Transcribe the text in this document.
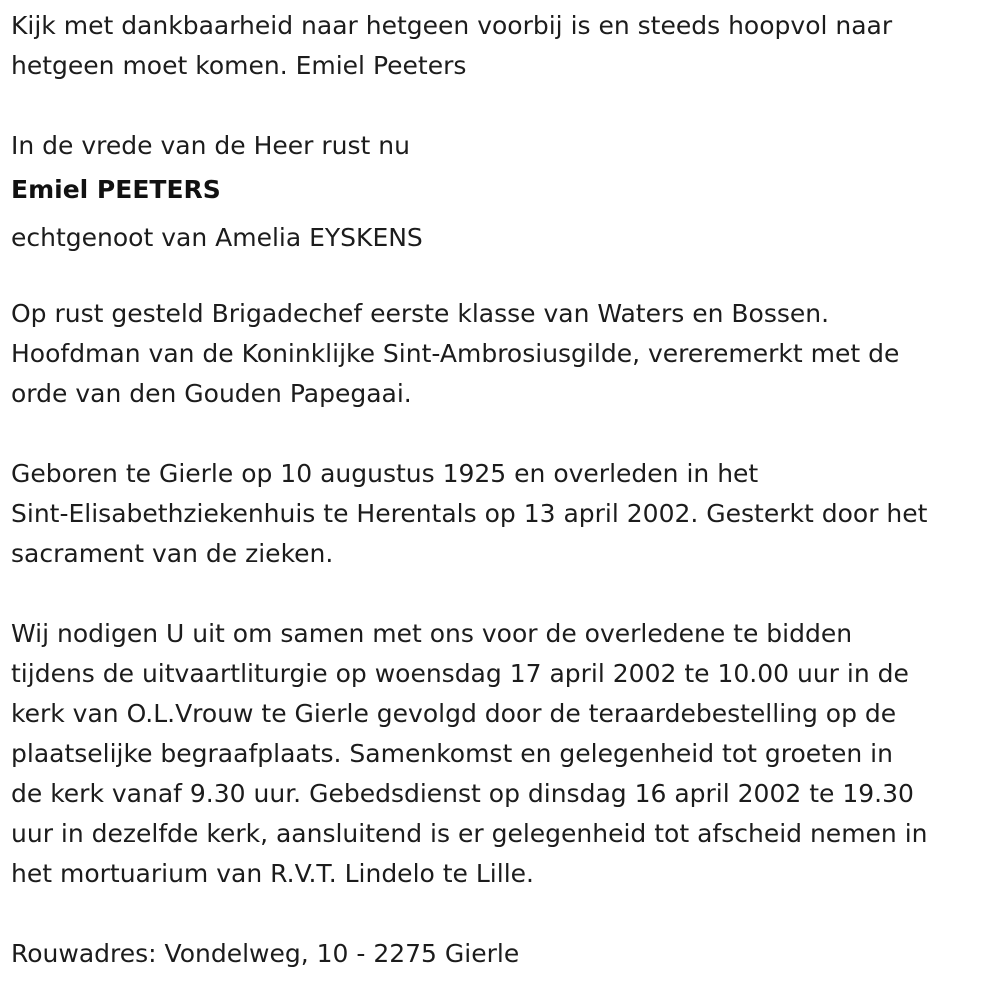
Kijk met dankbaarheid naar hetgeen voorbij is en steeds hoopvol naar

hetgeen moet komen. Emiel Peeters

In de vrede van de Heer rust nu

Emiel PEETERS

echtgenoot van Amelia EYSKENS

Op rust gesteld Brigadechef eerste klasse van Waters en Bossen.

Hoofdman van de Koninklijke Sint-Ambrosiusgilde, vereremerkt met de

orde van den Gouden Papegaai.

Geboren te Gierle op 10 augustus 1925 en overleden in het

Sint-Elisabethziekenhuis te Herentals op 13 april 2002. Gesterkt door het

sacrament van de zieken.

Wij nodigen U uit om samen met ons voor de overledene te bidden

tijdens de uitvaartliturgie op woensdag 17 april 2002 te 10.00 uur in de

kerk van O.L.Vrouw te Gierle gevolgd door de teraardebestelling op de

plaatselijke begraafplaats. Samenkomst en gelegenheid tot groeten in

de kerk vanaf 9.30 uur. Gebedsdienst op dinsdag 16 april 2002 te 19.30

uur in dezelfde kerk, aansluitend is er gelegenheid tot afscheid nemen in

het mortuarium van R.V.T. Lindelo te Lille.

Rouwadres: Vondelweg, 10 - 2275 Gierle
